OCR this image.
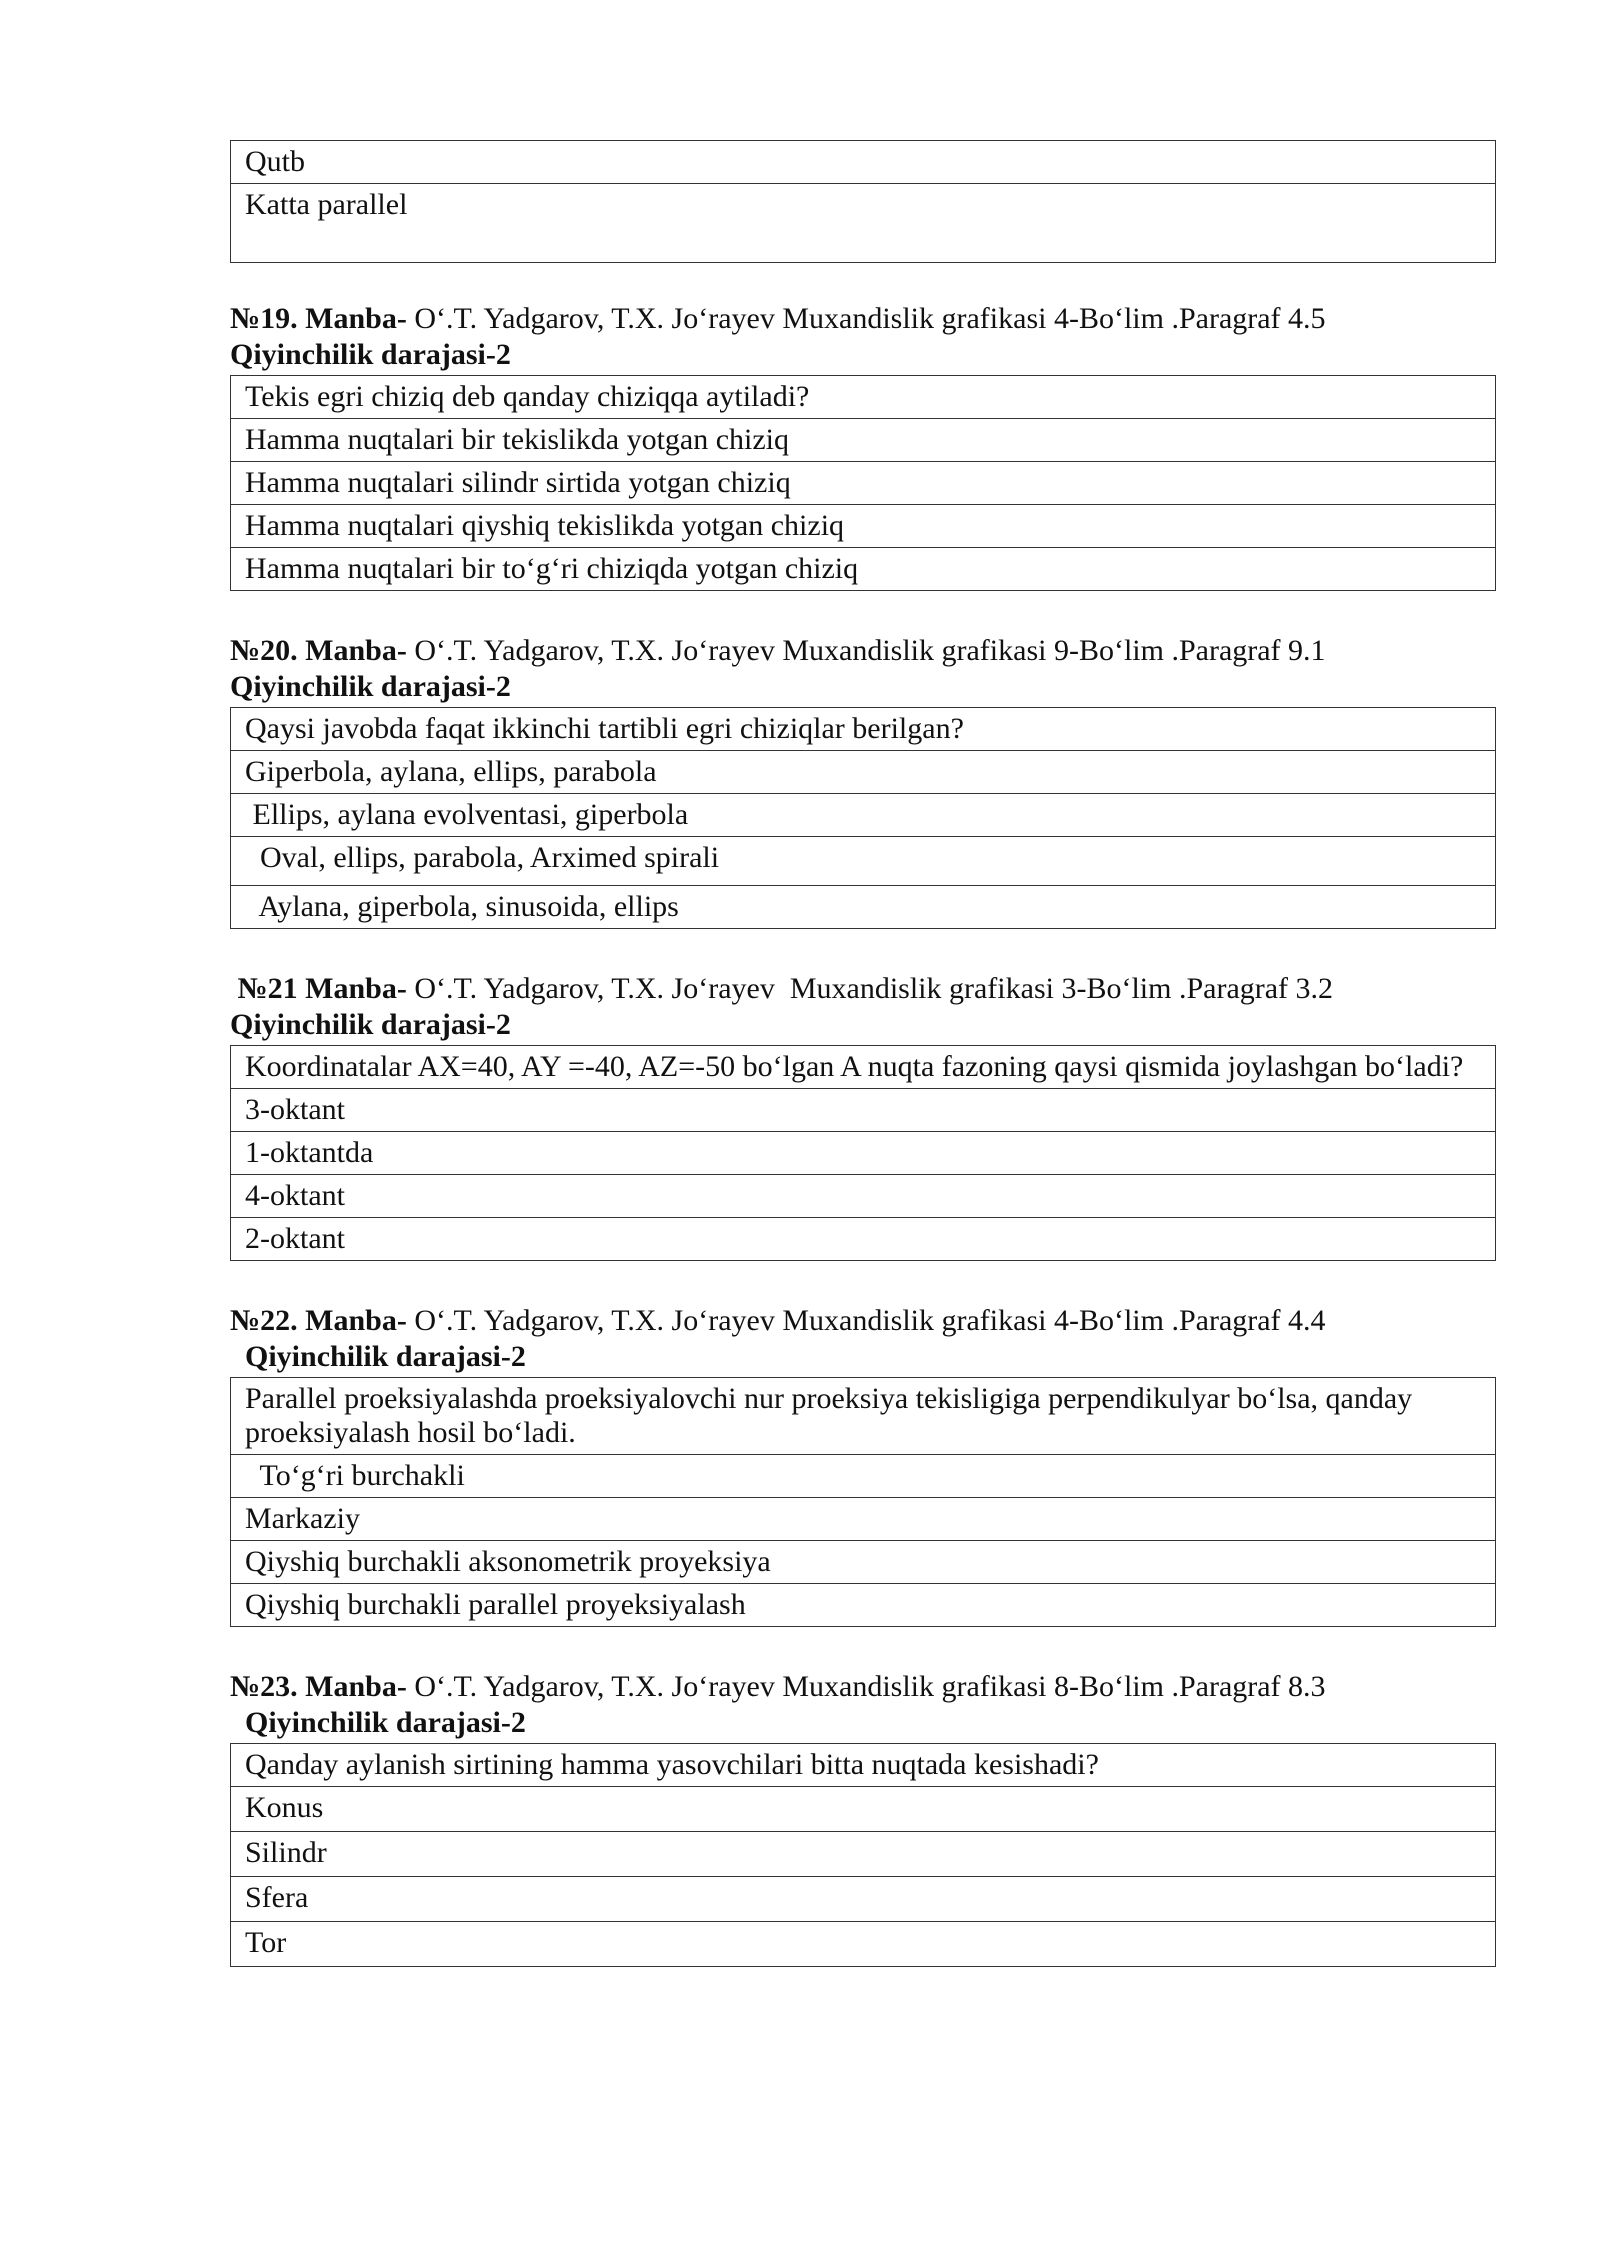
Qutb
Katta parallel

№19. Manba- O‘.T. Yadgarov, T.X. Jo‘rayev Muxandislik grafikasi 4-Bo‘lim .Paragraf 4.5

Qiyinchilik darajasi-2

Tekis egri chiziq deb qanday chiziqqa aytiladi?
Hamma nuqtalari bir tekislikda yotgan chiziq
Hamma nuqtalari silindr sirtida yotgan chiziq
Hamma nuqtalari qiyshiq tekislikda yotgan chiziq
Hamma nuqtalari bir to‘g‘ri chiziqda yotgan chiziq

№20. Manba- O‘.T. Yadgarov, T.X. Jo‘rayev Muxandislik grafikasi 9-Bo‘lim .Paragraf 9.1

Qiyinchilik darajasi-2

Qaysi javobda faqat ikkinchi tartibli egri chiziqlar berilgan?
Giperbola, aylana, ellips, parabola
Ellips, aylana evolventasi, giperbola
Oval, ellips, parabola, Arximed spirali
Aylana, giperbola, sinusoida, ellips

№21 Manba- O‘.T. Yadgarov, T.X. Jo‘rayev  Muxandislik grafikasi 3-Bo‘lim .Paragraf 3.2

Qiyinchilik darajasi-2

Koordinatalar AX=40, AY =-40, AZ=-50 bo‘lgan A nuqta fazoning qaysi qismida joylashgan bo‘ladi?
3-oktant
1-oktantda
4-oktant
2-oktant

№22. Manba- O‘.T. Yadgarov, T.X. Jo‘rayev Muxandislik grafikasi 4-Bo‘lim .Paragraf 4.4

Qiyinchilik darajasi-2

Parallel proeksiyalashda proeksiyalovchi nur proeksiya tekisligiga perpendikulyar bo‘lsa, qanday proeksiyalash hosil bo‘ladi.
To‘g‘ri burchakli
Markaziy
Qiyshiq burchakli aksonometrik proyeksiya
Qiyshiq burchakli parallel proyeksiyalash

№23. Manba- O‘.T. Yadgarov, T.X. Jo‘rayev Muxandislik grafikasi 8-Bo‘lim .Paragraf 8.3

Qiyinchilik darajasi-2

Qanday aylanish sirtining hamma yasovchilari bitta nuqtada kesishadi?
Konus
Silindr
Sfera
Tor
